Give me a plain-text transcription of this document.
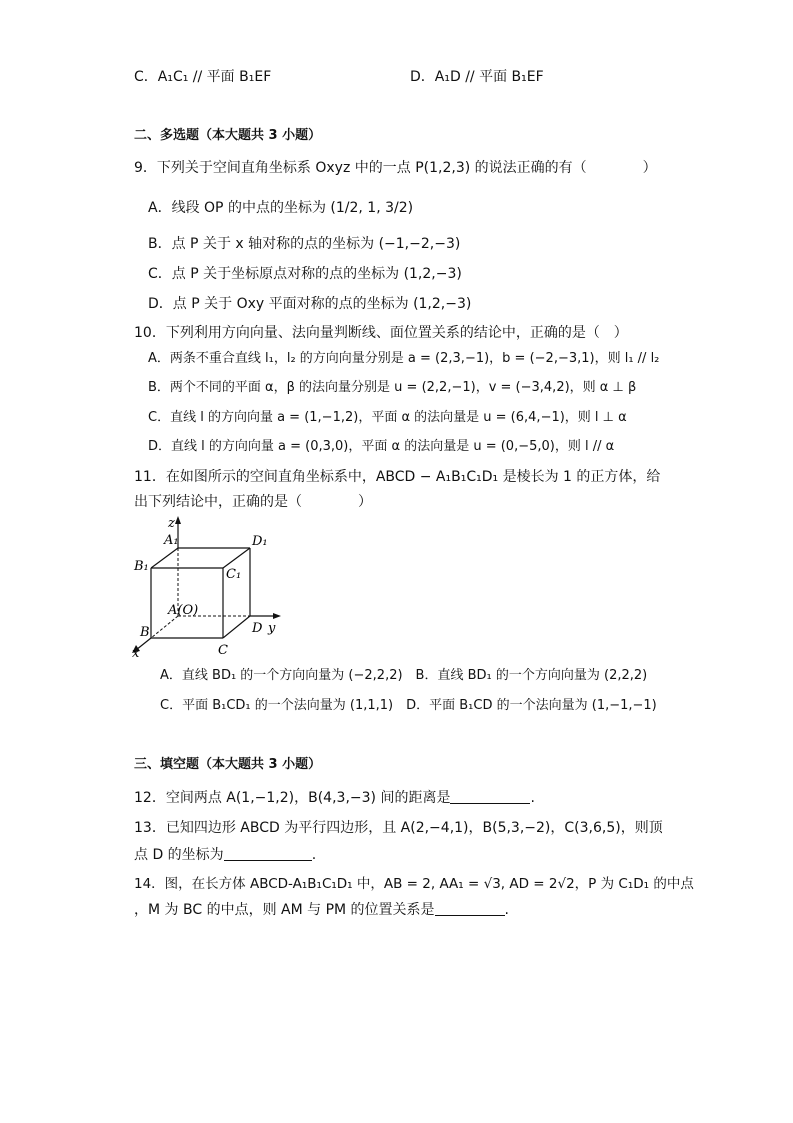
C．A₁C₁ // 平面 B₁EF	D．A₁D // 平面 B₁EF
二、多选题（本大题共 3 小题）
9．下列关于空间直角坐标系 Oxyz 中的一点 P(1,2,3) 的说法正确的有（　　　　）
A．线段 OP 的中点的坐标为 (1/2, 1, 3/2)
B．点 P 关于 x 轴对称的点的坐标为 (−1,−2,−3)
C．点 P 关于坐标原点对称的点的坐标为 (1,2,−3)
D．点 P 关于 Oxy 平面对称的点的坐标为 (1,2,−3)
10．下列利用方向向量、法向量判断线、面位置关系的结论中，正确的是（　）
A．两条不重合直线 l₁，l₂ 的方向向量分别是 a = (2,3,−1)，b = (−2,−3,1)，则 l₁ // l₂
B．两个不同的平面 α，β 的法向量分别是 u = (2,2,−1)，v = (−3,4,2)，则 α ⊥ β
C．直线 l 的方向向量 a = (1,−1,2)，平面 α 的法向量是 u = (6,4,−1)，则 l ⊥ α
D．直线 l 的方向向量 a = (0,3,0)，平面 α 的法向量是 u = (0,−5,0)，则 l // α
11．在如图所示的空间直角坐标系中，ABCD − A₁B₁C₁D₁ 是棱长为 1 的正方体，给
出下列结论中，正确的是（　　　　）
z
x
y
A₁	D₁
B₁
C₁
A(O)
B
C
D
A．直线 BD₁ 的一个方向向量为 (−2,2,2)　B．直线 BD₁ 的一个方向向量为 (2,2,2)
C．平面 B₁CD₁ 的一个法向量为 (1,1,1)　D．平面 B₁CD 的一个法向量为 (1,−1,−1)
三、填空题（本大题共 3 小题）
12．空间两点 A(1,−1,2)，B(4,3,−3) 间的距离是	.
13．已知四边形 ABCD 为平行四边形，且 A(2,−4,1)，B(5,3,−2)，C(3,6,5)，则顶
点 D 的坐标为	.
14．图，在长方体 ABCD-A₁B₁C₁D₁ 中，AB = 2, AA₁ = √3, AD = 2√2，P 为 C₁D₁ 的中点
，M 为 BC 的中点，则 AM 与 PM 的位置关系是	.
